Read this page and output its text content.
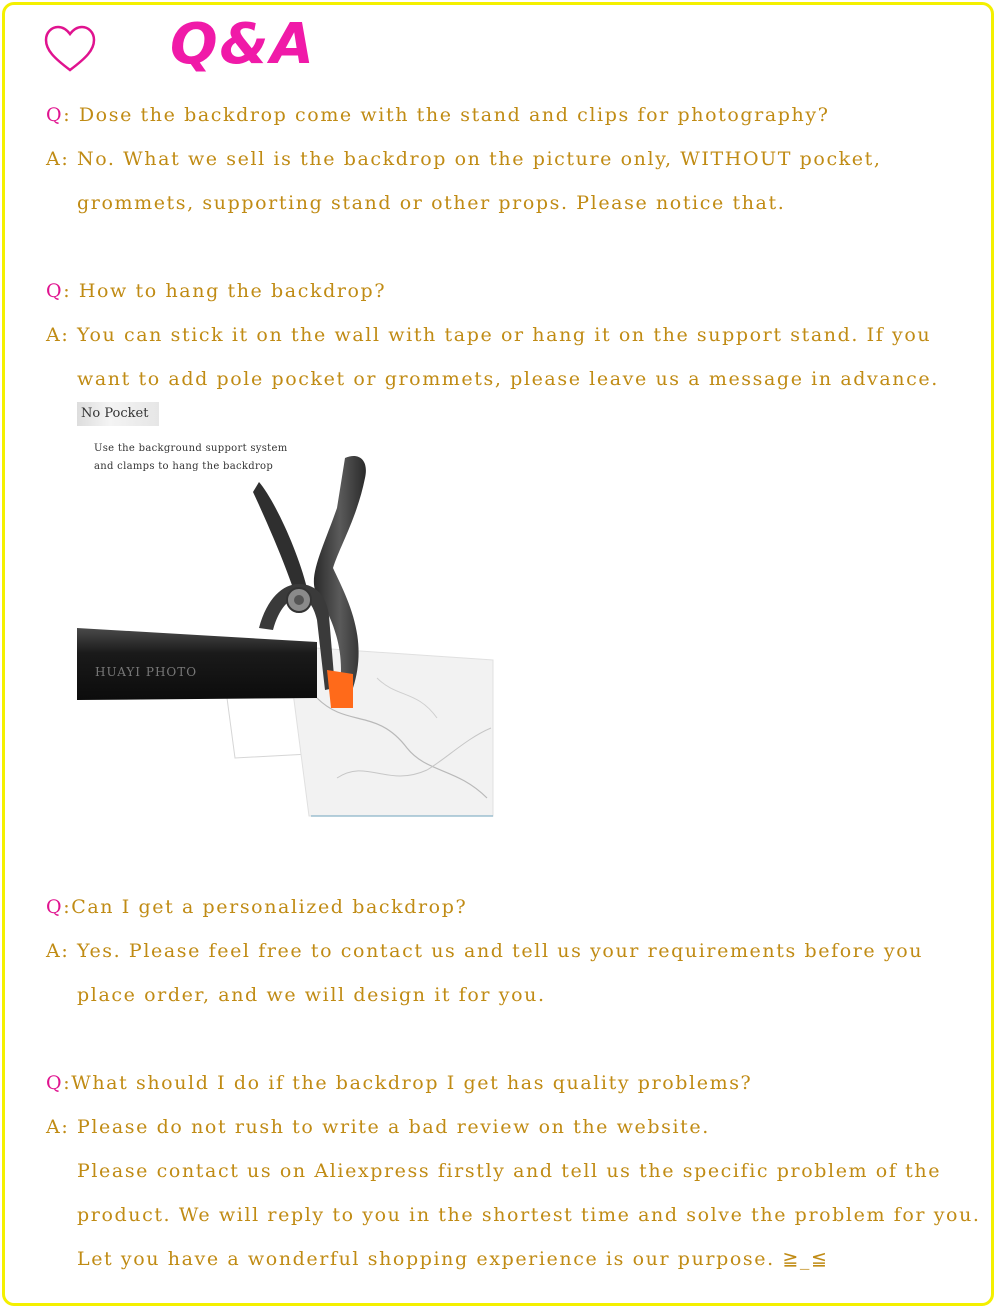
Q&A
Q: Dose the backdrop come with the stand and clips for photography?
A: No. What we sell is the backdrop on the picture only, WITHOUT pocket,
grommets, supporting stand or other props. Please notice that.
Q: How to hang the backdrop?
A: You can stick it on the wall with tape or hang it on the support stand. If you
want to add pole pocket or grommets, please leave us a message in advance.
No Pocket
Use the background support system
and clamps to hang the backdrop
HUAYI PHOTO
Q:Can I get a personalized backdrop?
A: Yes. Please feel free to contact us and tell us your requirements before you
place order, and we will design it for you.
Q:What should I do if the backdrop I get has quality problems?
A: Please do not rush to write a bad review on the website.
Please contact us on Aliexpress firstly and tell us the specific problem of the
product. We will reply to you in the shortest time and solve the problem for you.
Let you have a wonderful shopping experience is our purpose. ≧_≦
